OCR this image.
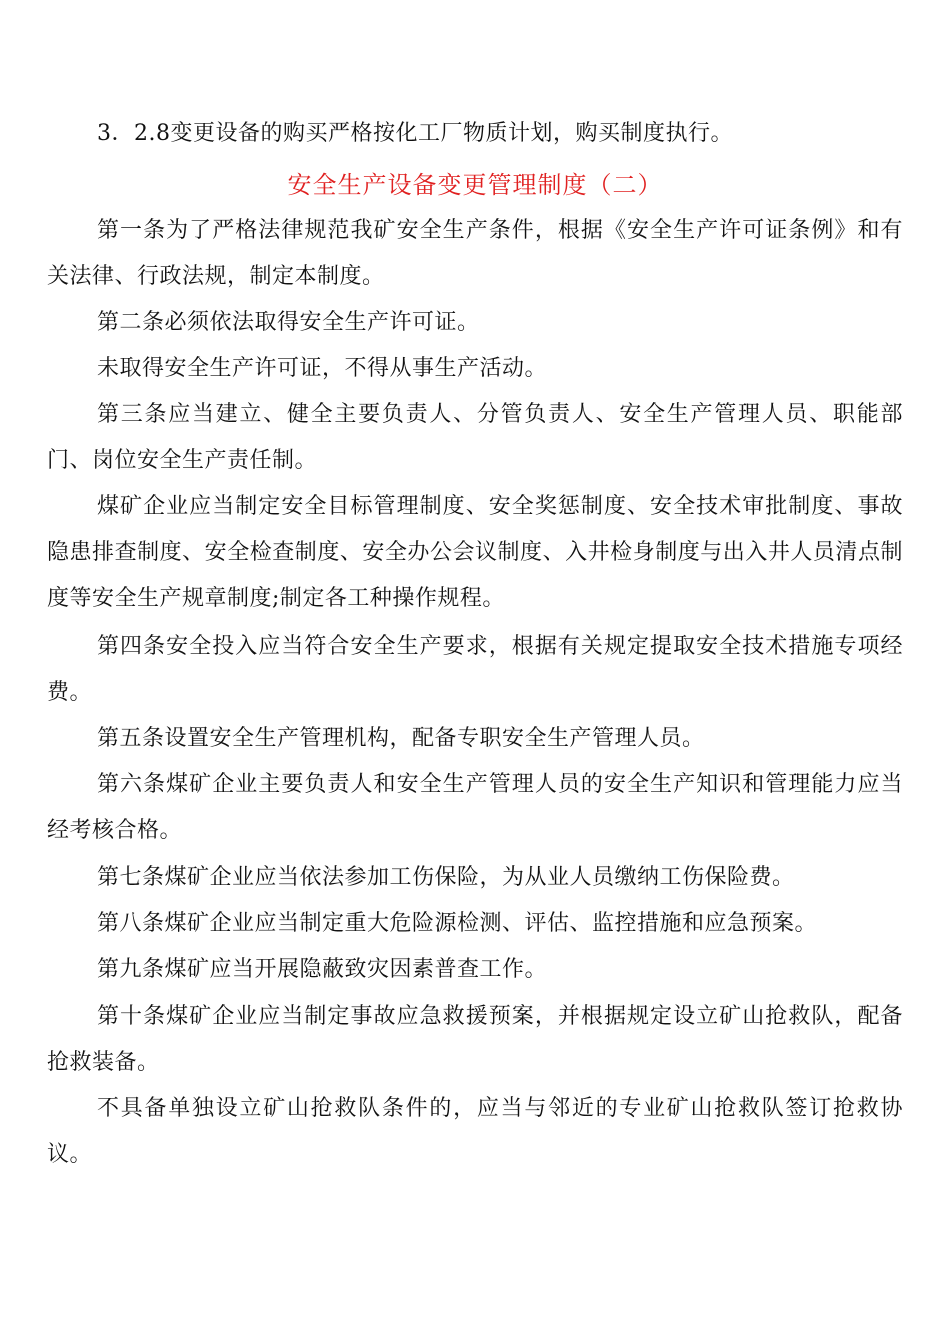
3．2.8变更设备的购买严格按化工厂物质计划，购买制度执行。

安全生产设备变更管理制度（二）

第一条为了严格法律规范我矿安全生产条件，根据《安全生产许可证条例》和有关法律、行政法规，制定本制度。

第二条必须依法取得安全生产许可证。

未取得安全生产许可证，不得从事生产活动。

第三条应当建立、健全主要负责人、分管负责人、安全生产管理人员、职能部门、岗位安全生产责任制。

煤矿企业应当制定安全目标管理制度、安全奖惩制度、安全技术审批制度、事故隐患排查制度、安全检查制度、安全办公会议制度、入井检身制度与出入井人员清点制度等安全生产规章制度;制定各工种操作规程。

第四条安全投入应当符合安全生产要求，根据有关规定提取安全技术措施专项经费。

第五条设置安全生产管理机构，配备专职安全生产管理人员。

第六条煤矿企业主要负责人和安全生产管理人员的安全生产知识和管理能力应当经考核合格。

第七条煤矿企业应当依法参加工伤保险，为从业人员缴纳工伤保险费。

第八条煤矿企业应当制定重大危险源检测、评估、监控措施和应急预案。

第九条煤矿应当开展隐蔽致灾因素普查工作。

第十条煤矿企业应当制定事故应急救援预案，并根据规定设立矿山抢救队，配备抢救装备。

不具备单独设立矿山抢救队条件的，应当与邻近的专业矿山抢救队签订抢救协议。
